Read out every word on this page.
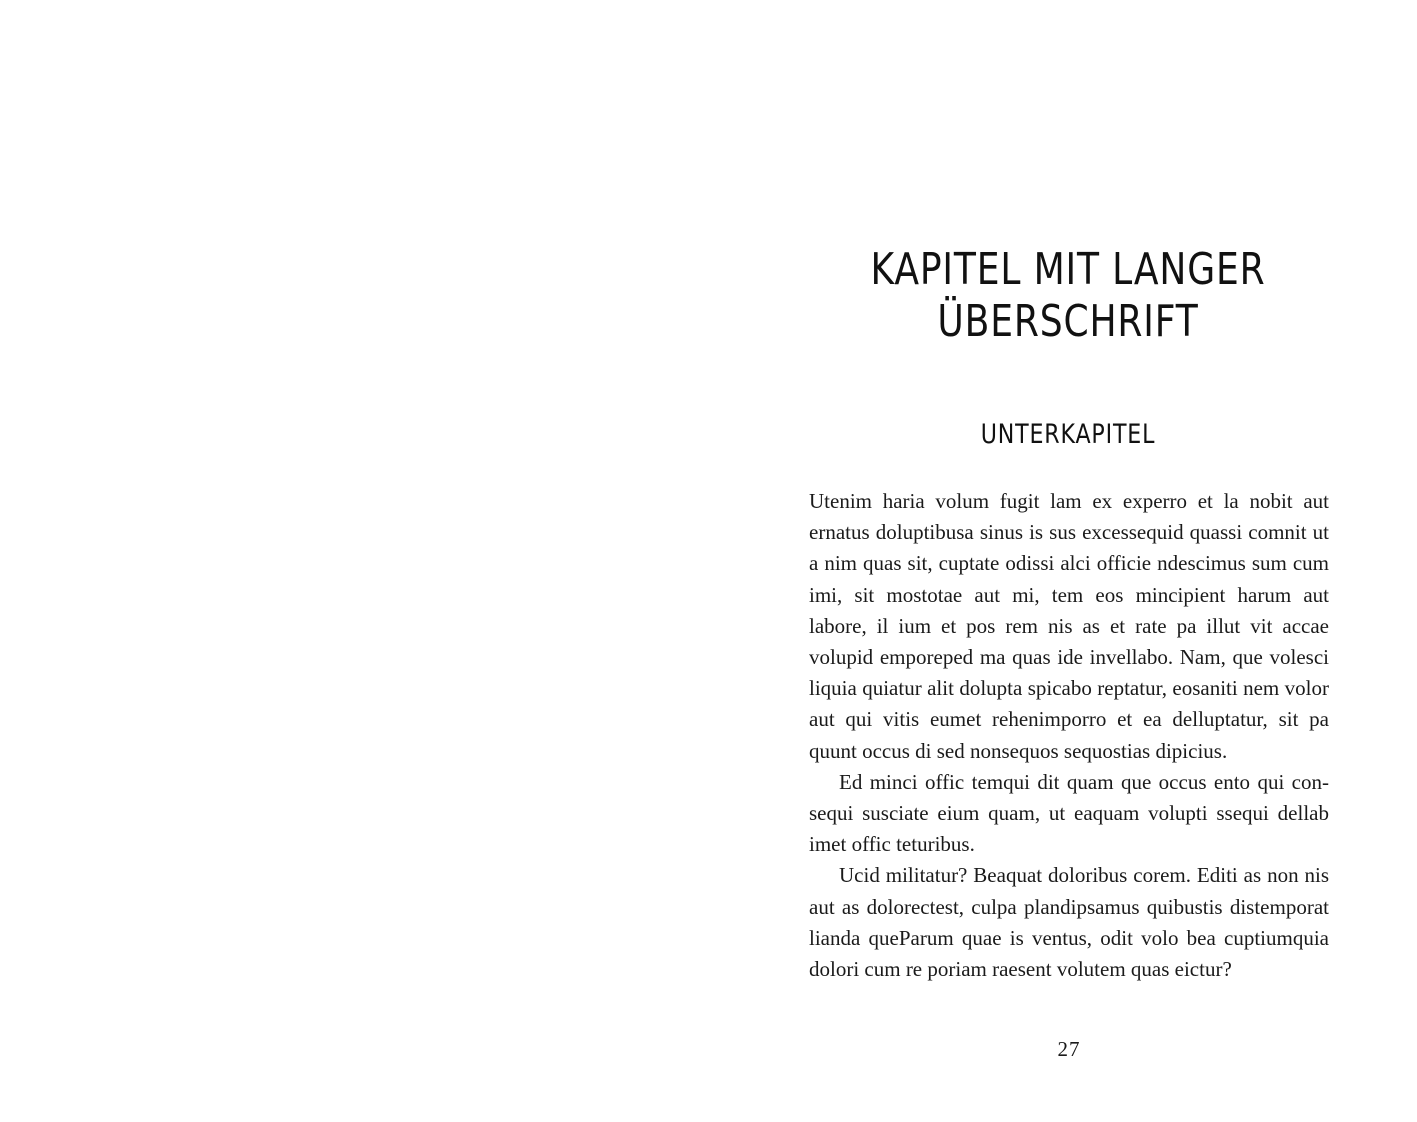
KAPITEL MIT LANGER
ÜBERSCHRIFT
UNTERKAPITEL

Utenim haria volum fugit lam ex experro et la nobit aut ernatus doluptibusa sinus is sus excessequid quassi comnit ut a nim quas sit, cuptate odissi alci officie ndescimus sum cum imi, sit mostotae aut mi, tem eos mincipient harum aut labore, il ium et pos rem nis as et rate pa illut vit accae volupid emporeped ma quas ide invellabo. Nam, que volesci liquia quiatur alit dolupta spicabo reptatur, eosaniti nem volor aut qui vitis eumet rehenimporro et ea delluptatur, sit pa quunt occus di sed nonsequos sequostias dipicius.

Ed minci offic temqui dit quam que occus ento qui consequi susciate eium quam, ut eaquam volupti ssequi dellab imet offic teturibus.

Ucid militatur? Beaquat doloribus corem. Editi as non nis aut as dolorectest, culpa plandipsamus quibustis distemporat lianda queParum quae is ventus, odit volo bea cuptiumquia dolori cum re poriam raesent volutem quas eictur?

27
